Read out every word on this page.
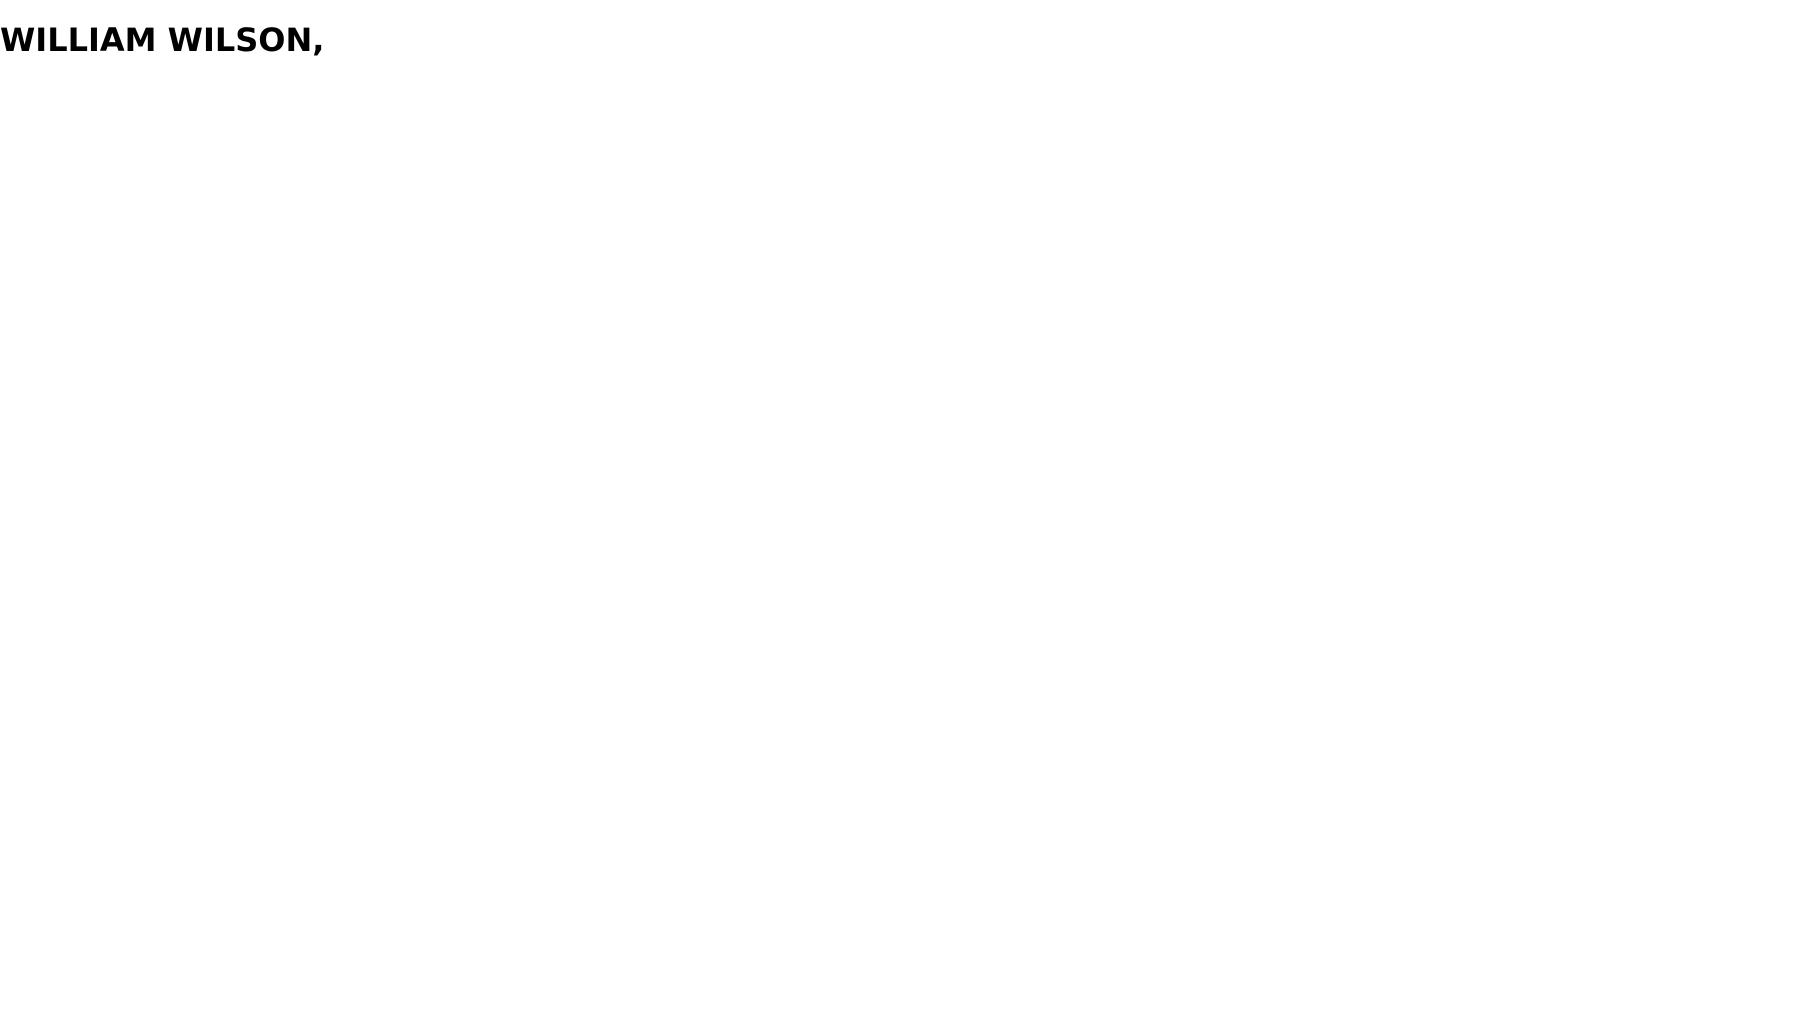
WILLIAM WILSON,
